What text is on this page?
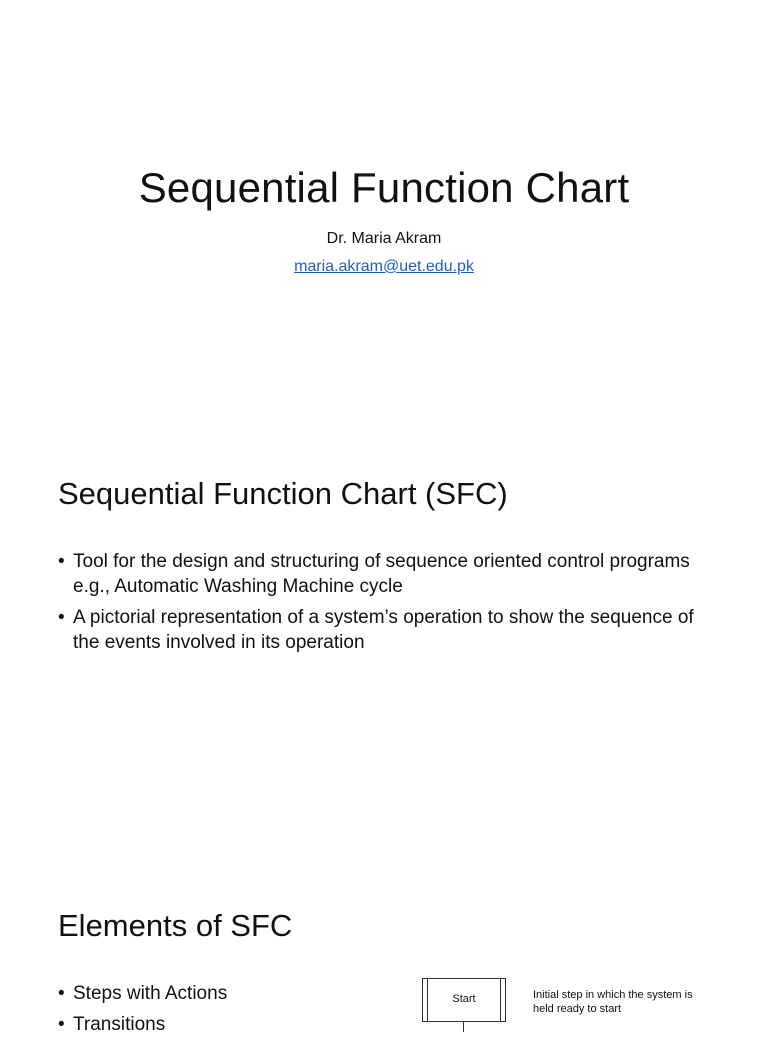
Sequential Function Chart
Dr. Maria Akram
maria.akram@uet.edu.pk
Sequential Function Chart (SFC)
• Tool for the design and structuring of sequence oriented control programs e.g., Automatic Washing Machine cycle
• A pictorial representation of a system’s operation to show the sequence of the events involved in its operation
Elements of SFC
• Steps with Actions
• Transitions
Start	Initial step in which the system is held ready to start
